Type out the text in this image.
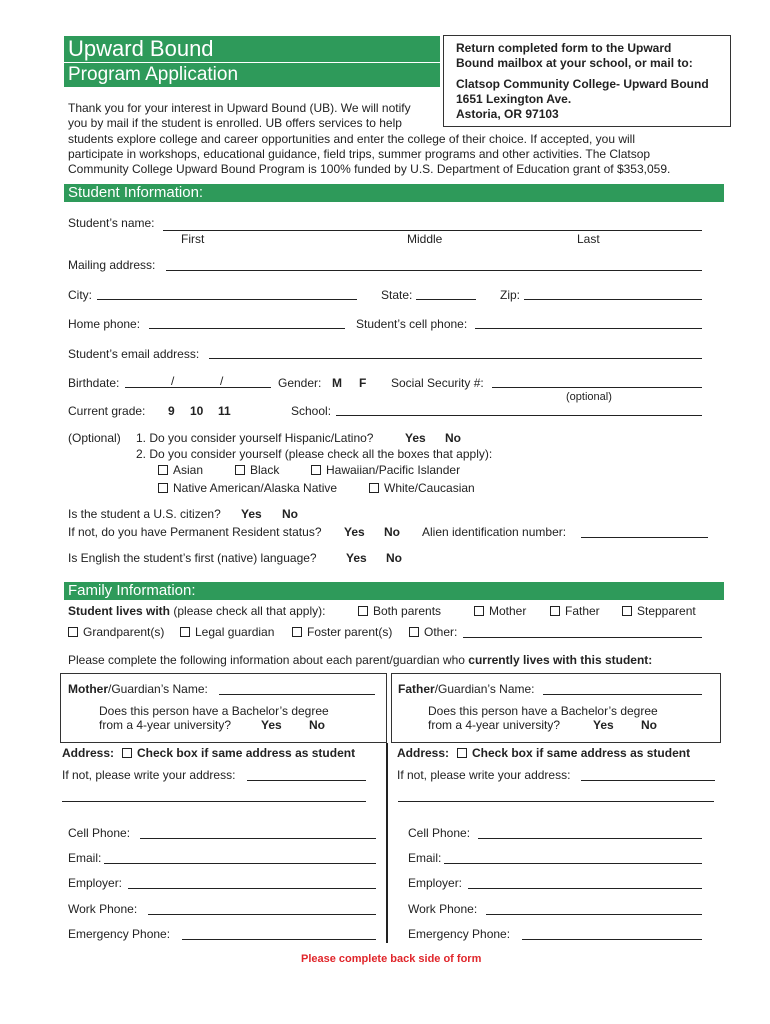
Upward Bound
Program Application
Return completed form to the Upward
Bound mailbox at your school, or mail to:
Clatsop Community College- Upward Bound
1651 Lexington Ave.
Astoria, OR 97103
Thank you for your interest in Upward Bound (UB). We will notify
you by mail if the student is enrolled. UB offers services to help
students explore college and career opportunities and enter the college of their choice. If accepted, you will
participate in workshops, educational guidance, field trips, summer programs and other activities. The Clatsop
Community College Upward Bound Program is 100% funded by U.S. Department of Education grant of $353,059.
Student Information:
Student’s name:
First	Middle	Last
Mailing address:
City:	State:	Zip:
Home phone:	Student’s cell phone:
Student’s email address:
Birthdate:	/	/	Gender: M F Social Security #:
(optional)
Current grade: 9 10 11	School:
(Optional) 1. Do you consider yourself Hispanic/Latino?	Yes No
2. Do you consider yourself (please check all the boxes that apply):
Asian	Black	Hawaiian/Pacific Islander
Native American/Alaska Native	White/Caucasian
Is the student a U.S. citizen? Yes No
If not, do you have Permanent Resident status? Yes No Alien identification number:
Is English the student’s first (native) language? Yes No
Family Information:
Student lives with (please check all that apply):	Both parents	Mother	Father	Stepparent
Grandparent(s)	Legal guardian	Foster parent(s)	Other:
Please complete the following information about each parent/guardian who currently lives with this student:
Mother/Guardian’s Name:
Does this person have a Bachelor’s degree
from a 4-year university? Yes No
Father/Guardian’s Name:
Does this person have a Bachelor’s degree
from a 4-year university?	Yes No
Address:	Check box if same address as student
If not, please write your address:
Address:	Check box if same address as student
If not, please write your address:
Cell Phone:
Email:
Employer:
Work Phone:
Emergency Phone:
Cell Phone:
Email:
Employer:
Work Phone:
Emergency Phone:
Please complete back side of form
